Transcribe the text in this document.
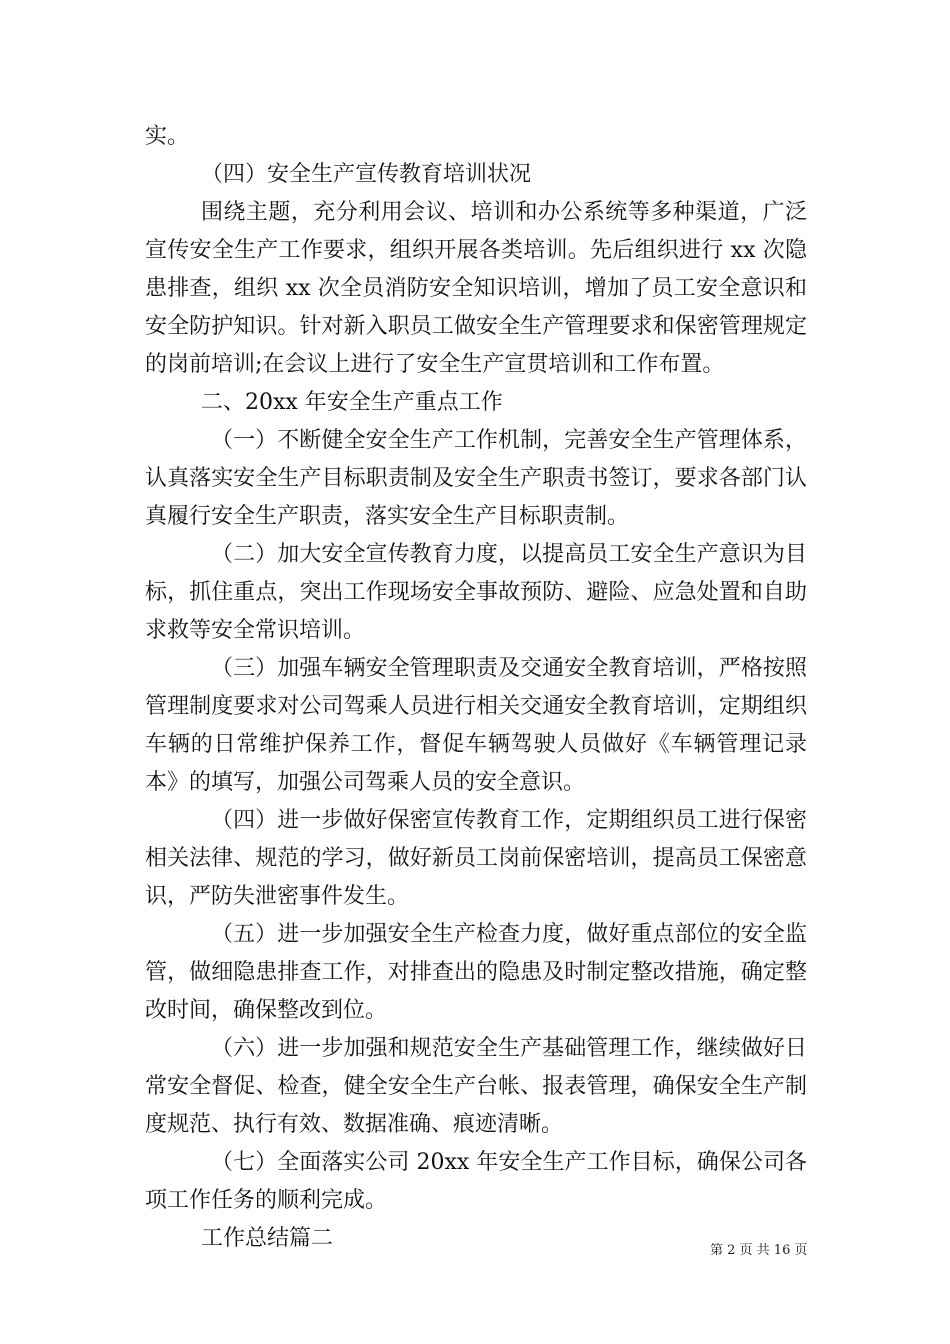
实。

（四）安全生产宣传教育培训状况

围绕主题，充分利用会议、培训和办公系统等多种渠道，广泛宣传安全生产工作要求，组织开展各类培训。先后组织进行 xx 次隐患排查，组织 xx 次全员消防安全知识培训，增加了员工安全意识和安全防护知识。针对新入职员工做安全生产管理要求和保密管理规定的岗前培训;在会议上进行了安全生产宣贯培训和工作布置。

二、20xx 年安全生产重点工作

（一）不断健全安全生产工作机制，完善安全生产管理体系，认真落实安全生产目标职责制及安全生产职责书签订，要求各部门认真履行安全生产职责，落实安全生产目标职责制。

（二）加大安全宣传教育力度，以提高员工安全生产意识为目标，抓住重点，突出工作现场安全事故预防、避险、应急处置和自助求救等安全常识培训。

（三）加强车辆安全管理职责及交通安全教育培训，严格按照管理制度要求对公司驾乘人员进行相关交通安全教育培训，定期组织车辆的日常维护保养工作，督促车辆驾驶人员做好《车辆管理记录本》的填写，加强公司驾乘人员的安全意识。

（四）进一步做好保密宣传教育工作，定期组织员工进行保密相关法律、规范的学习，做好新员工岗前保密培训，提高员工保密意识，严防失泄密事件发生。

（五）进一步加强安全生产检查力度，做好重点部位的安全监管，做细隐患排查工作，对排查出的隐患及时制定整改措施，确定整改时间，确保整改到位。

（六）进一步加强和规范安全生产基础管理工作，继续做好日常安全督促、检查，健全安全生产台帐、报表管理，确保安全生产制度规范、执行有效、数据准确、痕迹清晰。

（七）全面落实公司 20xx 年安全生产工作目标，确保公司各项工作任务的顺利完成。

工作总结篇二	第 2 页 共 16 页
